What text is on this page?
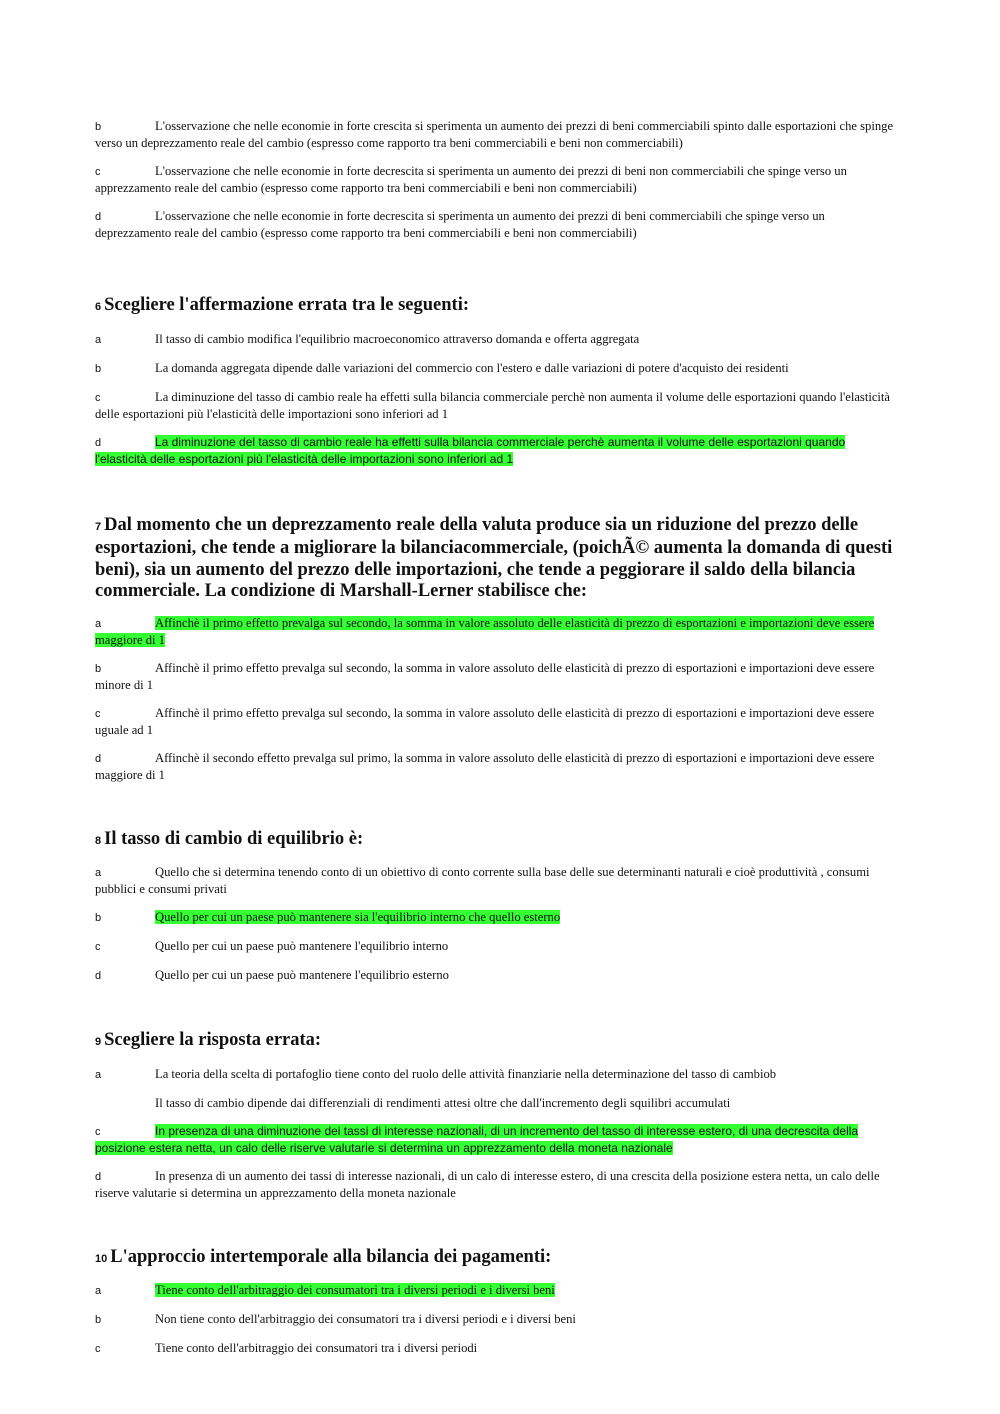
b	L'osservazione che nelle economie in forte crescita si sperimenta un aumento dei prezzi di beni commerciabili spinto dalle esportazioni che spinge verso un deprezzamento reale del cambio (espresso come rapporto tra beni commerciabili e beni non commerciabili)

c	L'osservazione che nelle economie in forte decrescita si sperimenta un aumento dei prezzi di beni non commerciabili che spinge verso un apprezzamento reale del cambio (espresso come rapporto tra beni commerciabili e beni non commerciabili)

d	L'osservazione che nelle economie in forte decrescita si sperimenta un aumento dei prezzi di beni commerciabili che spinge verso un deprezzamento reale del cambio (espresso come rapporto tra beni commerciabili e beni non commerciabili)

6 Scegliere l'affermazione errata tra le seguenti:

a	Il tasso di cambio modifica l'equilibrio macroeconomico attraverso domanda e offerta aggregata

b	La domanda aggregata dipende dalle variazioni del commercio con l'estero e dalle variazioni di potere d'acquisto dei residenti

c	La diminuzione del tasso di cambio reale ha effetti sulla bilancia commerciale perchè non aumenta il volume delle esportazioni quando l'elasticità delle esportazioni più l'elasticità delle importazioni sono inferiori ad 1

d	La diminuzione del tasso di cambio reale ha effetti sulla bilancia commerciale perchè aumenta il volume delle esportazioni quando l'elasticità delle esportazioni più l'elasticità delle importazioni sono inferiori ad 1

7 Dal momento che un deprezzamento reale della valuta produce sia un riduzione del prezzo delle esportazioni, che tende a migliorare la bilanciacommerciale, (poichÃ© aumenta la domanda di questi beni), sia un aumento del prezzo delle importazioni, che tende a peggiorare il saldo della bilancia commerciale. La condizione di Marshall-Lerner stabilisce che:

a	Affinchè il primo effetto prevalga sul secondo, la somma in valore assoluto delle elasticità di prezzo di esportazioni e importazioni deve essere maggiore di 1

b	Affinchè il primo effetto prevalga sul secondo, la somma in valore assoluto delle elasticità di prezzo di esportazioni e importazioni deve essere minore di 1

c	Affinchè il primo effetto prevalga sul secondo, la somma in valore assoluto delle elasticità di prezzo di esportazioni e importazioni deve essere uguale ad 1

d	Affinchè il secondo effetto prevalga sul primo, la somma in valore assoluto delle elasticità di prezzo di esportazioni e importazioni deve essere maggiore di 1

8 Il tasso di cambio di equilibrio è:

a	Quello che si determina tenendo conto di un obiettivo di conto corrente sulla base delle sue determinanti naturali e cioè produttività , consumi pubblici e consumi privati

b	Quello per cui un paese può mantenere sia l'equilibrio interno che quello esterno

c	Quello per cui un paese può mantenere l'equilibrio interno

d	Quello per cui un paese può mantenere l'equilibrio esterno

9 Scegliere la risposta errata:

a	La teoria della scelta di portafoglio tiene conto del ruolo delle attività finanziarie nella determinazione del tasso di cambiob

Il tasso di cambio dipende dai differenziali di rendimenti attesi oltre che dall'incremento degli squilibri accumulati

c	In presenza di una diminuzione dei tassi di interesse nazionali, di un incremento del tasso di interesse estero, di una decrescita della posizione estera netta, un calo delle riserve valutarie si determina un apprezzamento della moneta nazionale

d	In presenza di un aumento dei tassi di interesse nazionali, di un calo di interesse estero, di una crescita della posizione estera netta, un calo delle riserve valutarie si determina un apprezzamento della moneta nazionale

10 L'approccio intertemporale alla bilancia dei pagamenti:

a	Tiene conto dell'arbitraggio dei consumatori tra i diversi periodi e i diversi beni

b	Non tiene conto dell'arbitraggio dei consumatori tra i diversi periodi e i diversi beni

c	Tiene conto dell'arbitraggio dei consumatori tra i diversi periodi
